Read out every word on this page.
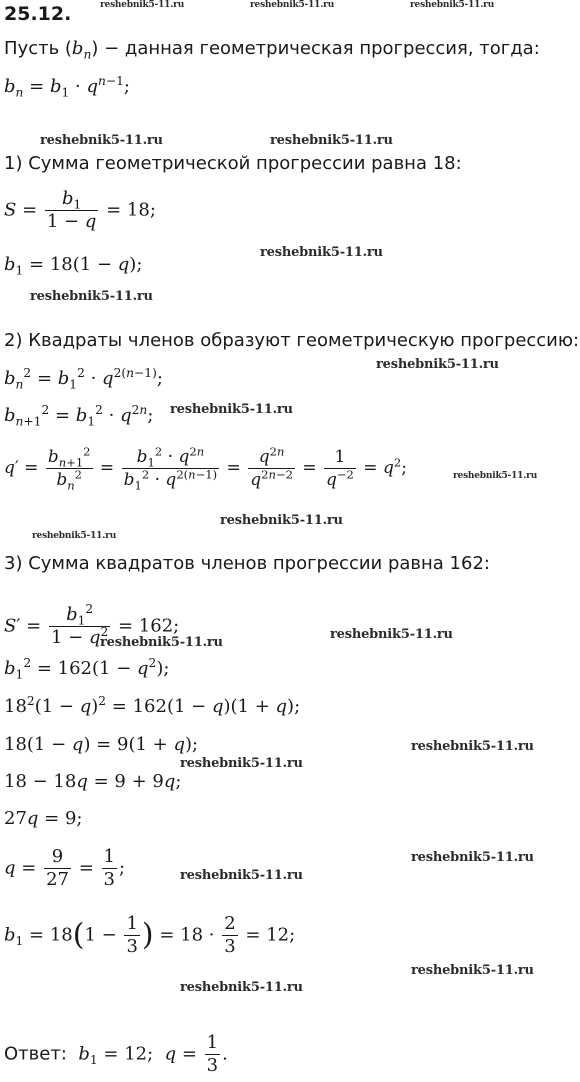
25.12.
Пусть $(b_n)$ − данная геометрическая прогрессия, тогда:
$b_n = b_1 \cdot q^{n-1}$;
1) Сумма геометрической прогрессии равна 18:
$S = \frac{b_1}{1 - q} = 18$;
$b_1 = 18(1 - q)$;
2) Квадраты членов образуют геометрическую прогрессию:
$b_n^2 = b_1^2 \cdot q^{2(n-1)}$;
$b_{n+1}^2 = b_1^2 \cdot q^{2n}$;
$q' = \frac{b_{n+1}^2}{b_n^2} = \frac{b_1^2 \cdot q^{2n}}{b_1^2 \cdot q^{2(n-1)}} = \frac{q^{2n}}{q^{2n-2}} = \frac{1}{q^{-2}} = q^2$;
3) Сумма квадратов членов прогрессии равна 162:
$S' = \frac{b_1^2}{1 - q^2} = 162$;
$b_1^2 = 162(1 - q^2)$;
$18^2(1 - q)^2 = 162(1 - q)(1 + q)$;
18(1 − q) = 9(1 + q);
18 − 18q = 9 + 9q;
27q = 9;
$q = \frac{9}{27} = \frac{1}{3}$ ;
$b_1 = 18(1 - \frac{1}{3}$ ) = $18 \cdot \frac{2}{3} = 12$;
Ответ: $b_1 = 12$;  $q = \frac{1}{3}$ .
reshebnik5-11.ru	reshebnik5-11.ru	reshebnik5-11.ru
reshebnik5-11.ru	reshebnik5-11.ru
reshebnik5-11.ru
reshebnik5-11.ru
reshebnik5-11.ru
reshebnik5-11.ru
reshebnik5-11.ru
reshebnik5-11.ru
reshebnik5-11.ru
reshebnik5-11.ru
reshebnik5-11.ru
reshebnik5-11.ru
reshebnik5-11.ru
reshebnik5-11.ru
reshebnik5-11.ru
reshebnik5-11.ru
reshebnik5-11.ru
